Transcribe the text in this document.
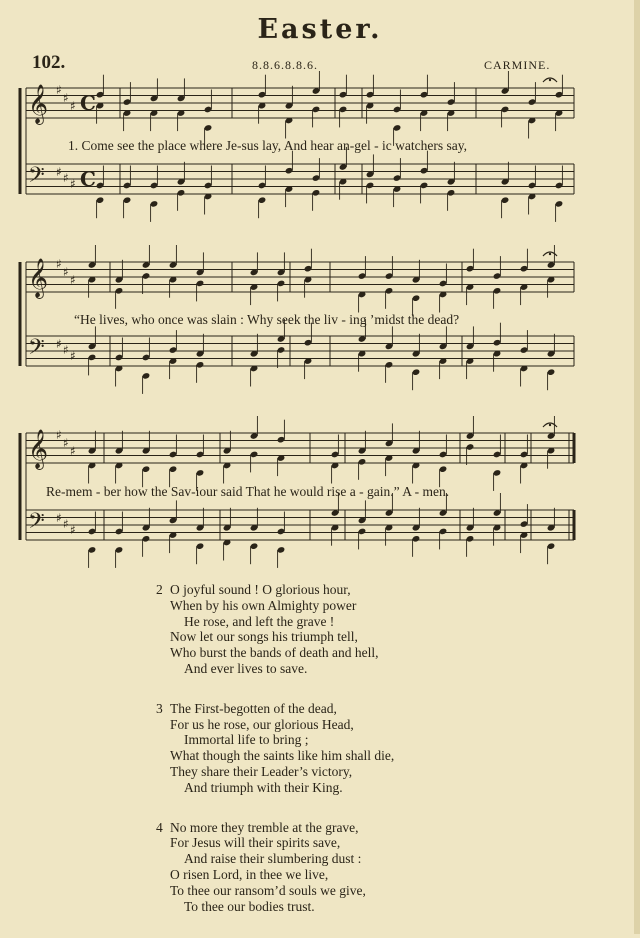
Easter.
102.	8.8.6.8.8.6.	CARMINE.
𝄞 ♯
♯
♯ C
𝄢 ♯ ♯ ♯ C
𝄞 ♯
♯
♯
𝄢 ♯ ♯ ♯
𝄞 ♯
♯
♯
𝄢 ♯ ♯ ♯
1. Come see the place where Je-sus lay, And hear an-gel - ic watchers say,
“He lives, who once was slain : Why seek the liv - ing ’midst the dead?
Re-mem - ber how the Sav-iour said That he would rise a - gain.” A - men.
2 O joyful sound ! O glorious hour,
When by his own Almighty power
He rose, and left the grave !
Now let our songs his triumph tell,
Who burst the bands of death and hell,
And ever lives to save.
3 The First-begotten of the dead,
For us he rose, our glorious Head,
Immortal life to bring ;
What though the saints like him shall die,
They share their Leader’s victory,
And triumph with their King.
4 No more they tremble at the grave,
For Jesus will their spirits save,
And raise their slumbering dust :
O risen Lord, in thee we live,
To thee our ransom’d souls we give,
To thee our bodies trust.
